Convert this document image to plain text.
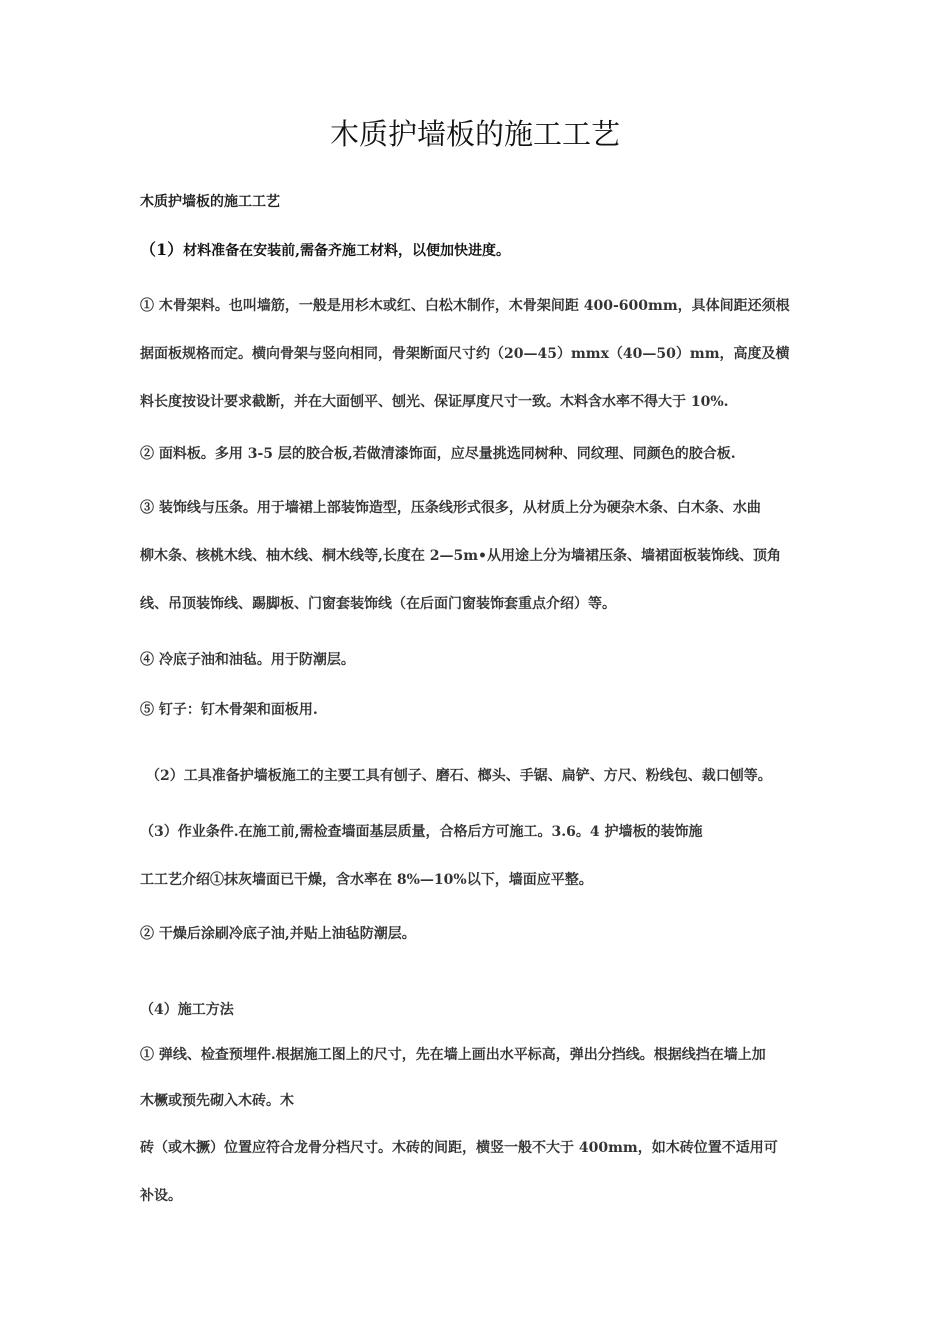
木质护墙板的施工工艺
木质护墙板的施工工艺
（1）材料准备在安装前,需备齐施工材料，以便加快进度。
① 木骨架料。也叫墙筋，一般是用杉木或红、白松木制作，木骨架间距 400-600mm，具体间距还须根
据面板规格而定。横向骨架与竖向相同，骨架断面尺寸约（20—45）mmx（40—50）mm，高度及横
料长度按设计要求截断，并在大面刨平、刨光、保证厚度尺寸一致。木料含水率不得大于 10%.
② 面料板。多用 3-5 层的胶合板,若做清漆饰面，应尽量挑选同树种、同纹理、同颜色的胶合板.
③ 装饰线与压条。用于墙裙上部装饰造型，压条线形式很多，从材质上分为硬杂木条、白木条、水曲
柳木条、核桃木线、柚木线、桐木线等,长度在 2—5m•从用途上分为墙裙压条、墙裙面板装饰线、顶角
线、吊顶装饰线、踢脚板、门窗套装饰线（在后面门窗装饰套重点介绍）等。
④ 冷底子油和油毡。用于防潮层。
⑤ 钉子：钉木骨架和面板用.
（2）工具准备护墙板施工的主要工具有刨子、磨石、榔头、手锯、扁铲、方尺、粉线包、裁口刨等。
（3）作业条件.在施工前,需检查墙面基层质量，合格后方可施工。3.6。4 护墙板的装饰施
工工艺介绍①抹灰墙面已干燥，含水率在 8%—10%以下，墙面应平整。
② 干燥后涂刷冷底子油,并贴上油毡防潮层。
（4）施工方法
① 弹线、检查预埋件.根据施工图上的尺寸，先在墙上画出水平标高，弹出分挡线。根据线挡在墙上加
木橛或预先砌入木砖。木
砖（或木撅）位置应符合龙骨分档尺寸。木砖的间距，横竖一般不大于 400mm，如木砖位置不适用可
补设。
